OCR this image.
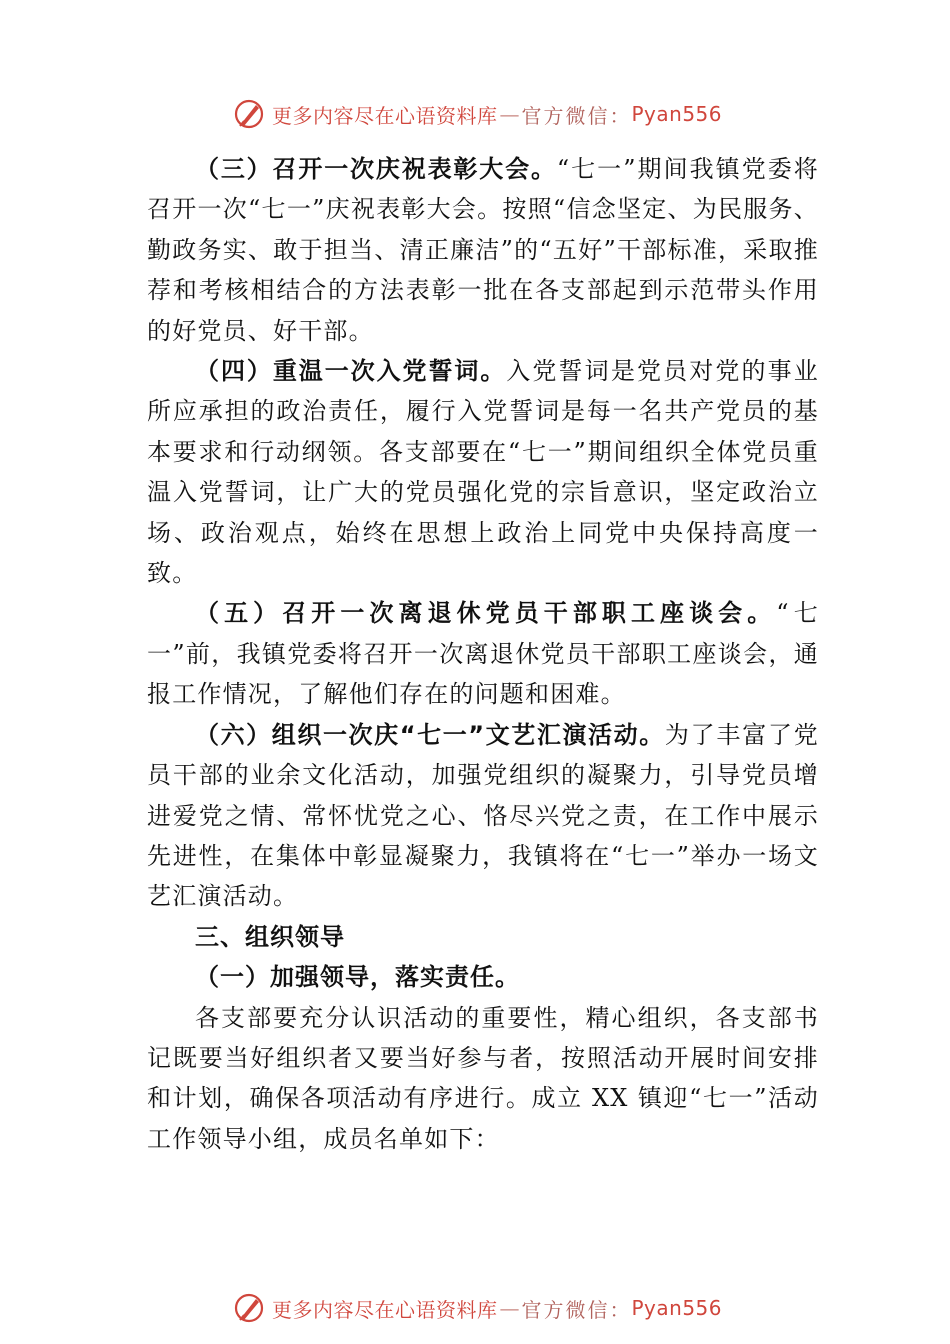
更多内容尽在心语资料库 — 官方微信： Pyan556

（三）召开一次庆祝表彰大会。“七一”期间我镇党委将召开一次“七一”庆祝表彰大会。按照“信念坚定、为民服务、勤政务实、敢于担当、清正廉洁”的“五好”干部标准，采取推荐和考核相结合的方法表彰一批在各支部起到示范带头作用的好党员、好干部。

（四）重温一次入党誓词。入党誓词是党员对党的事业所应承担的政治责任，履行入党誓词是每一名共产党员的基本要求和行动纲领。各支部要在“七一”期间组织全体党员重温入党誓词，让广大的党员强化党的宗旨意识，坚定政治立场、政治观点，始终在思想上政治上同党中央保持高度一致。

（五）召开一次离退休党员干部职工座谈会。“七一”前，我镇党委将召开一次离退休党员干部职工座谈会，通报工作情况，了解他们存在的问题和困难。

（六）组织一次庆“七一”文艺汇演活动。为了丰富了党员干部的业余文化活动，加强党组织的凝聚力，引导党员增进爱党之情、常怀忧党之心、恪尽兴党之责，在工作中展示先进性，在集体中彰显凝聚力，我镇将在“七一”举办一场文艺汇演活动。

三、组织领导

（一）加强领导，落实责任。

各支部要充分认识活动的重要性，精心组织，各支部书记既要当好组织者又要当好参与者，按照活动开展时间安排和计划，确保各项活动有序进行。成立 XX 镇迎“七一”活动工作领导小组，成员名单如下：

更多内容尽在心语资料库 — 官方微信： Pyan556
